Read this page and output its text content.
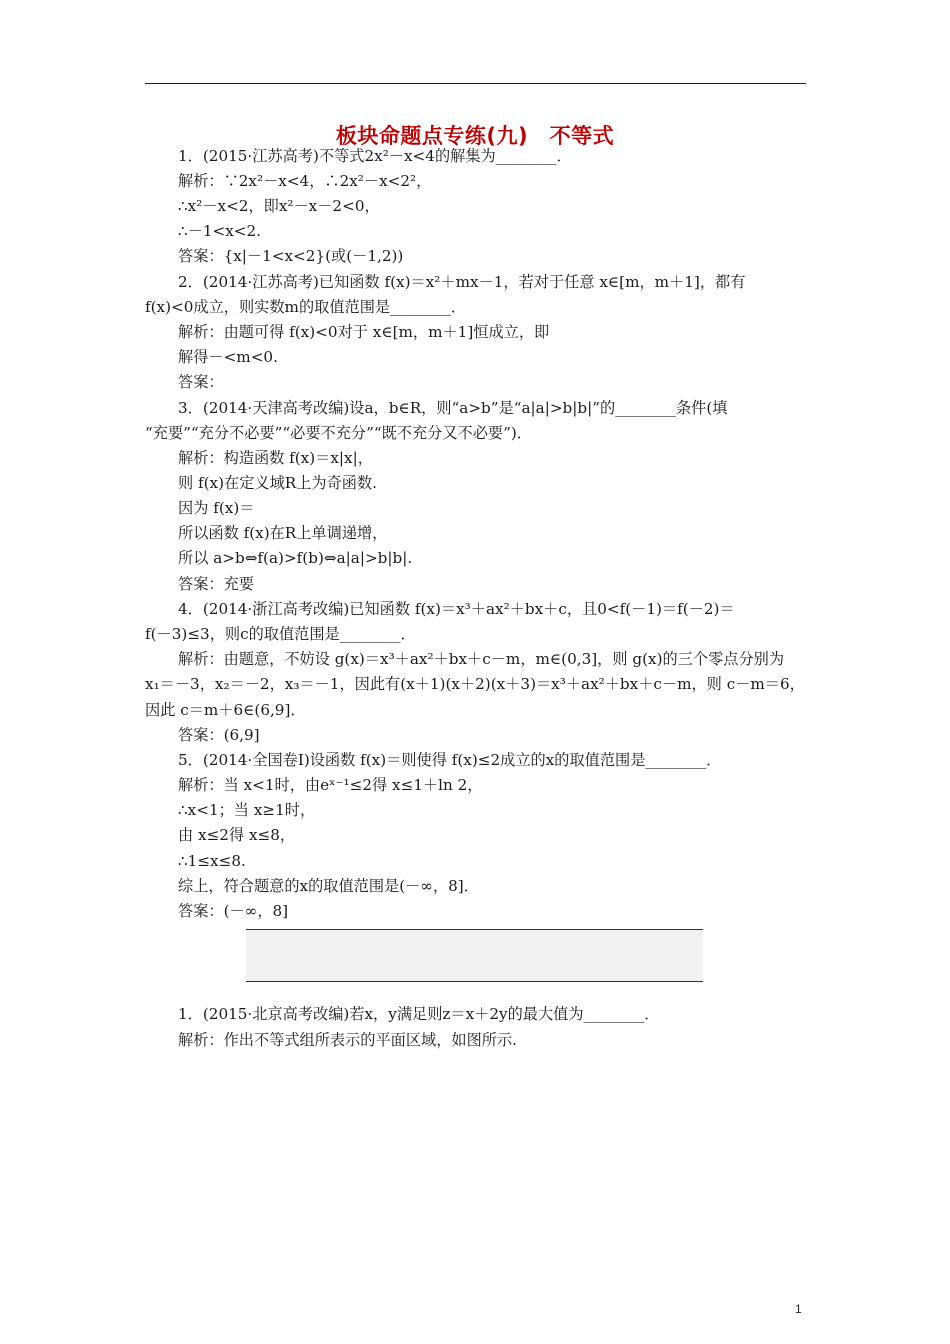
板块命题点专练(九)　不等式
1．(2015·江苏高考)不等式2x²－x<4的解集为________．
解析：∵2x²－x<4，∴2x²－x<2²，
∴x²－x<2，即x²－x－2<0，
∴－1<x<2.
答案：{x|－1<x<2}(或(－1,2))
2．(2014·江苏高考)已知函数 f(x)＝x²＋mx－1，若对于任意 x∈[m，m＋1]，都有
f(x)<0成立，则实数m的取值范围是________．
解析：由题可得 f(x)<0对于 x∈[m，m＋1]恒成立，即
解得－<m<0.
答案：
3．(2014·天津高考改编)设a，b∈R，则“a>b”是“a|a|>b|b|”的________条件(填
“充要”“充分不必要”“必要不充分”“既不充分又不必要”)．
解析：构造函数 f(x)＝x|x|，
则 f(x)在定义域R上为奇函数.
因为 f(x)＝
所以函数 f(x)在R上单调递增，
所以 a>b⇔f(a)>f(b)⇔a|a|>b|b|.
答案：充要
4．(2014·浙江高考改编)已知函数 f(x)＝x³＋ax²＋bx＋c，且0<f(－1)＝f(－2)＝
f(－3)≤3，则c的取值范围是________．
解析：由题意，不妨设 g(x)＝x³＋ax²＋bx＋c－m，m∈(0,3]，则 g(x)的三个零点分别为
x₁＝－3，x₂＝－2，x₃＝－1，因此有(x＋1)(x＋2)(x＋3)＝x³＋ax²＋bx＋c－m，则 c－m＝6，
因此 c＝m＋6∈(6,9]．
答案：(6,9]
5．(2014·全国卷Ⅰ)设函数 f(x)＝则使得 f(x)≤2成立的x的取值范围是________．
解析：当 x<1时，由eˣ⁻¹≤2得 x≤1＋ln 2，
∴x<1；当 x≥1时，
由 x≤2得 x≤8，
∴1≤x≤8.
综上，符合题意的x的取值范围是(－∞，8]．
答案：(－∞，8]
1．(2015·北京高考改编)若x，y满足则z＝x＋2y的最大值为________．
解析：作出不等式组所表示的平面区域，如图所示.
1
